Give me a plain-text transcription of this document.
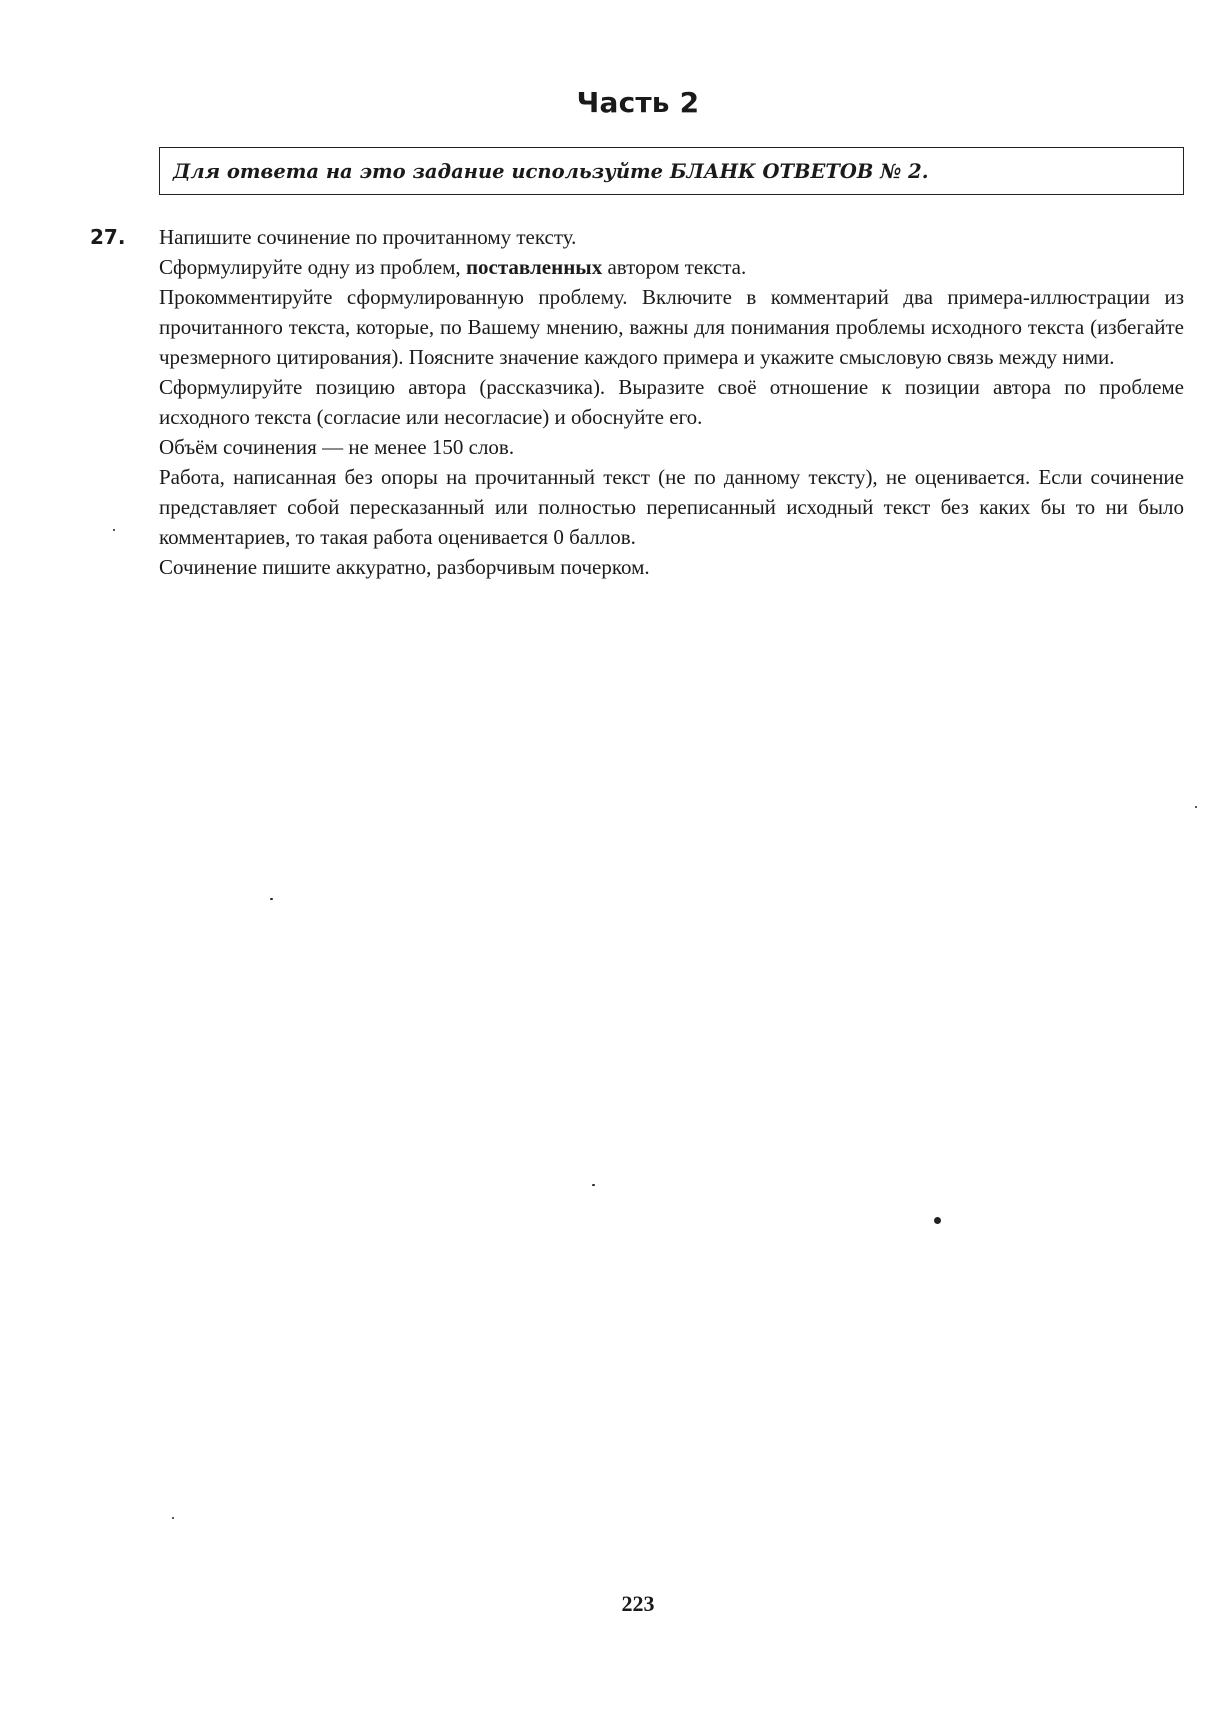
Часть 2
Для ответа на это задание используйте БЛАНК ОТВЕТОВ № 2.
27. Напишите сочинение по прочитанному тексту.

Сформулируйте одну из проблем, поставленных автором текста.

Прокомментируйте сформулированную проблему. Включите в комментарий два примера-иллюстрации из прочитанного текста, которые, по Вашему мнению, важны для понимания проблемы исходного текста (избегайте чрезмерного цитирования). Поясните значение каждого примера и укажите смысловую связь между ними.

Сформулируйте позицию автора (рассказчика). Выразите своё отношение к позиции автора по проблеме исходного текста (согласие или несогласие) и обоснуйте его.

Объём сочинения — не менее 150 слов.

Работа, написанная без опоры на прочитанный текст (не по данному тексту), не оценивается. Если сочинение представляет собой пересказанный или полностью переписанный исходный текст без каких бы то ни было комментариев, то такая работа оценивается 0 баллов.

Сочинение пишите аккуратно, разборчивым почерком.

223
